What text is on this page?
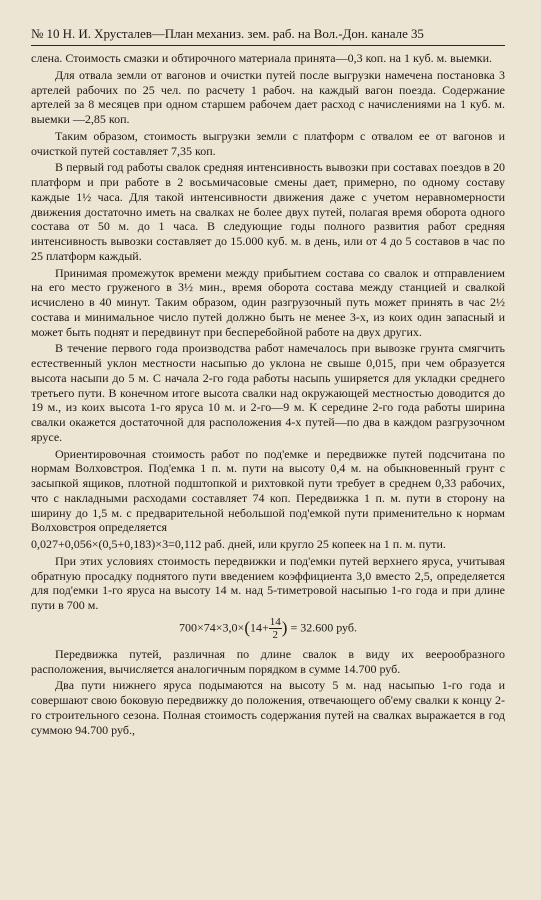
№ 10 Н. И. Хрусталев—План механиз. зем. раб. на Вол.-Дон. канале 35

слена. Стоимость смазки и обтирочного материала принята—0,3 коп. на 1 куб. м. выемки.

Для отвала земли от вагонов и очистки путей после выгрузки намечена постановка 3 артелей рабочих по 25 чел. по расчету 1 рабоч. на каждый вагон поезда. Содержание артелей за 8 месяцев при одном старшем рабочем дает расход с начислениями на 1 куб. м. выемки —2,85 коп.

Таким образом, стоимость выгрузки земли с платформ с отвалом ее от вагонов и очисткой путей составляет 7,35 коп.

В первый год работы свалок средняя интенсивность вывозки при составах поездов в 20 платформ и при работе в 2 восьмичасовые смены дает, примерно, по одному составу каждые 1½ часа. Для такой интенсивности движения даже с учетом неравномерности движения достаточно иметь на свалках не более двух путей, полагая время оборота одного состава от 50 м. до 1 часа. В следующие годы полного развития работ средняя интенсивность вывозки составляет до 15.000 куб. м. в день, или от 4 до 5 составов в час по 25 платформ каждый.

Принимая промежуток времени между прибытием состава со свалок и отправлением на его место груженого в 3½ мин., время оборота состава между станцией и свалкой исчислено в 40 минут. Таким образом, один разгрузочный путь может принять в час 2½ состава и минимальное число путей должно быть не менее 3-х, из коих один запасный и может быть поднят и передвинут при бесперебойной работе на двух других.

В течение первого года производства работ намечалось при вывозке грунта смягчить естественный уклон местности насыпью до уклона не свыше 0,015, при чем образуется высота насыпи до 5 м. С начала 2-го года работы насыпь уширяется для укладки среднего третьего пути. В конечном итоге высота свалки над окружающей местностью доводится до 19 м., из коих высота 1-го яруса 10 м. и 2-го—9 м. К середине 2-го года работы ширина свалки окажется достаточной для расположения 4-х путей—по два в каждом разгрузочном ярусе.

Ориентировочная стоимость работ по под'емке и передвижке путей подсчитана по нормам Волховстроя. Под'емка 1 п. м. пути на высоту 0,4 м. на обыкновенный грунт с засыпкой ящиков, плотной подштопкой и рихтовкой пути требует в среднем 0,33 рабочих, что с накладными расходами составляет 74 коп. Передвижка 1 п. м. пути в сторону на ширину до 1,5 м. с предварительной небольшой под'емкой пути применительно к нормам Волховстроя определяется

0,027+0,056×(0,5+0,183)×3=0,112 раб. дней, или кругло 25 копеек на 1 п. м. пути.

При этих условиях стоимость передвижки и под'емки путей верхнего яруса, учитывая обратную просадку поднятого пути введением коэффициента 3,0 вместо 2,5, определяется для под'емки 1-го яруса на высоту 14 м. над 5-тиметровой насыпью 1-го года и при длине пути в 700 м.

$700\times 74\times 3,0\times(14+ \frac{14}{2}$ ) = 32.600 руб.

Передвижка путей, различная по длине свалок в виду их веерообразного расположения, вычисляется аналогичным порядком в сумме 14.700 руб.

Два пути нижнего яруса подымаются на высоту 5 м. над насыпью 1-го года и совершают свою боковую передвижку до положения, отвечающего об'ему свалки к концу 2-го строительного сезона. Полная стоимость содержания путей на свалках выражается в год суммою 94.700 руб.,
